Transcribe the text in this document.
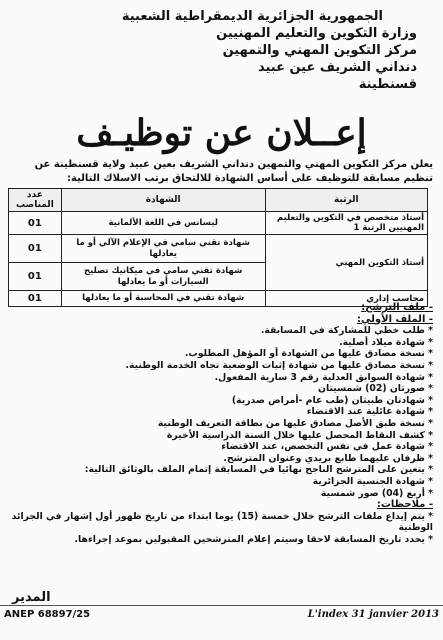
الجمهورية الجزائرية الديمقراطية الشعبية
وزارة التكوين والتعليم المهنيين
مركز التكوين المهني والتمهين
دنداني الشريف عين عبيد
قسنطينة
إعــلان عن توظيـف
يعلن مركز التكوين المهني والتمهين دنداني الشريف بعين عبيد ولاية قسنطينة عن تنظيم مسابقة للتوظيف على أساس الشهادة للالتحاق برتب الاسلاك التالية:
الرتبة	الشهادة	عدد المناصب
أستاذ متخصص في التكوين والتعليم المهنيين الرتبة 1	ليسانس في اللغة الألمانية	01
أستاذ التكوين المهني	شهادة تقني سامي في الإعلام الآلي أو ما يعادلها	01
	شهادة تقني سامي في ميكانيك تصليح السيارات أو ما يعادلها	01
محاسب إداري	شهادة تقني في المحاسبة أو ما يعادلها	01
- ملف الترشح:
- الملف الأولي:
* طلب خطي للمشاركة في المسابقة.
* شهادة ميلاد أصلية.
* نسخة مصادق عليها من الشهادة أو المؤهل المطلوب.
* نسخة مصادق عليها من شهادة إثبات الوضعية تجاه الخدمة الوطنية.
* شهادة السوابق العدلية رقم 3 سارية المفعول.
* صورتان (02) شمسيتان
* شهادتان طبيتان (طب عام -أمراض صدرية)
* شهادة عائلية عند الاقتضاء
* نسخة طبق الأصل مصادق عليها من بطاقة التعريف الوطنية
* كشف النقاط المحصل عليها خلال السنة الدراسية الأخيرة
* شهادة عمل في نفس التخصص، عند الاقتضاء
* ظرفان عليهما طابع بريدي وعنوان المترشح.
* يتعين على المترشح الناجح نهائيا في المسابقة إتمام الملف بالوثائق التالية:
* شهادة الجنسية الجزائرية
* أربع (04) صور شمسية
- ملاحظات:
* يتم إيداع ملفات الترشح خلال خمسة (15) يوما ابتداء من تاريخ ظهور أول إشهار في الجرائد الوطنية
* يحدد تاريخ المسابقة لاحقا وسيتم إعلام المترشحين المقبولين بموعد إجراءها.
المدير
ANEP 68897/25	L'index 31 janvier 2013
